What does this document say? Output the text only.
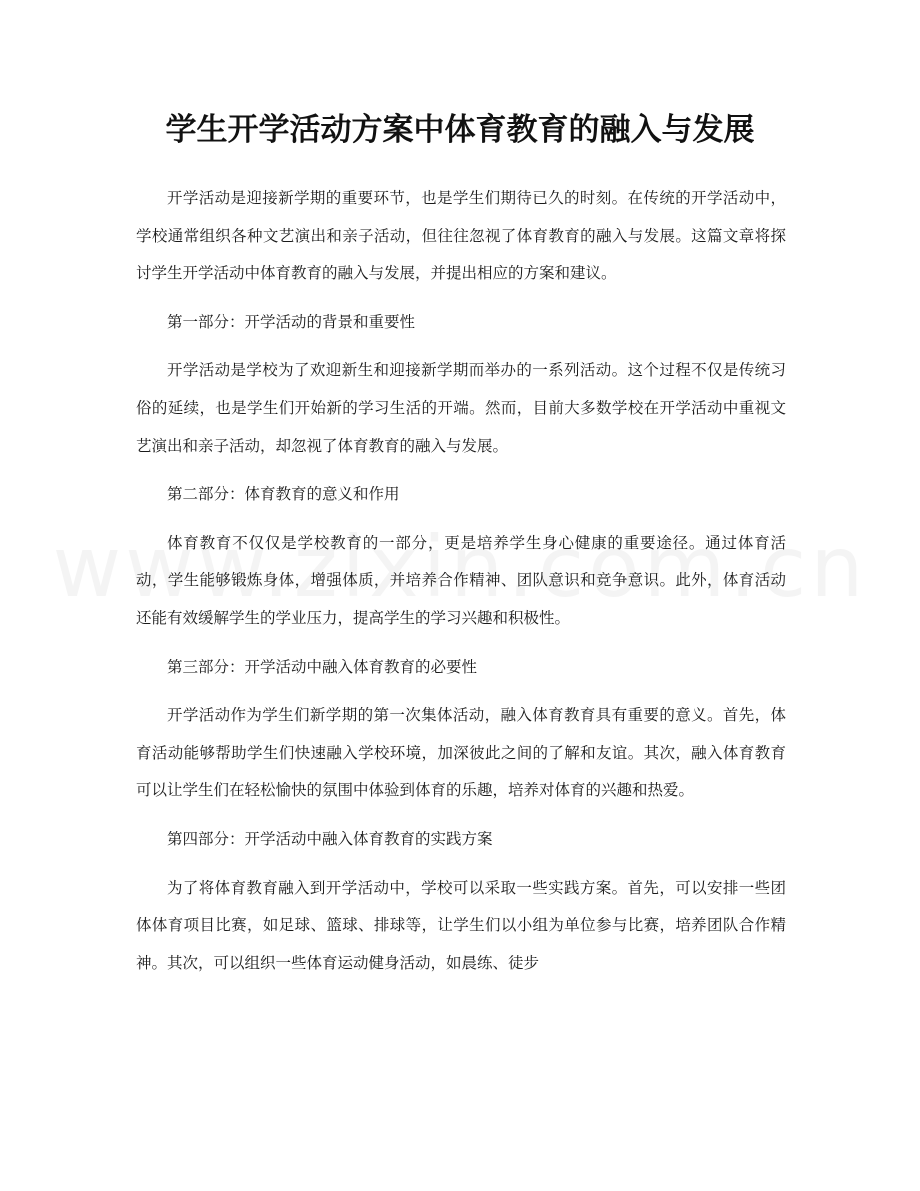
学生开学活动方案中体育教育的融入与发展

开学活动是迎接新学期的重要环节，也是学生们期待已久的时刻。在传统的开学活动中，学校通常组织各种文艺演出和亲子活动，但往往忽视了体育教育的融入与发展。这篇文章将探讨学生开学活动中体育教育的融入与发展，并提出相应的方案和建议。

第一部分：开学活动的背景和重要性

开学活动是学校为了欢迎新生和迎接新学期而举办的一系列活动。这个过程不仅是传统习俗的延续，也是学生们开始新的学习生活的开端。然而，目前大多数学校在开学活动中重视文艺演出和亲子活动，却忽视了体育教育的融入与发展。

第二部分：体育教育的意义和作用

体育教育不仅仅是学校教育的一部分，更是培养学生身心健康的重要途径。通过体育活动，学生能够锻炼身体，增强体质，并培养合作精神、团队意识和竞争意识。此外，体育活动还能有效缓解学生的学业压力，提高学生的学习兴趣和积极性。

第三部分：开学活动中融入体育教育的必要性

开学活动作为学生们新学期的第一次集体活动，融入体育教育具有重要的意义。首先，体育活动能够帮助学生们快速融入学校环境，加深彼此之间的了解和友谊。其次，融入体育教育可以让学生们在轻松愉快的氛围中体验到体育的乐趣，培养对体育的兴趣和热爱。

第四部分：开学活动中融入体育教育的实践方案

为了将体育教育融入到开学活动中，学校可以采取一些实践方案。首先，可以安排一些团体体育项目比赛，如足球、篮球、排球等，让学生们以小组为单位参与比赛，培养团队合作精神。其次，可以组织一些体育运动健身活动，如晨练、徒步
